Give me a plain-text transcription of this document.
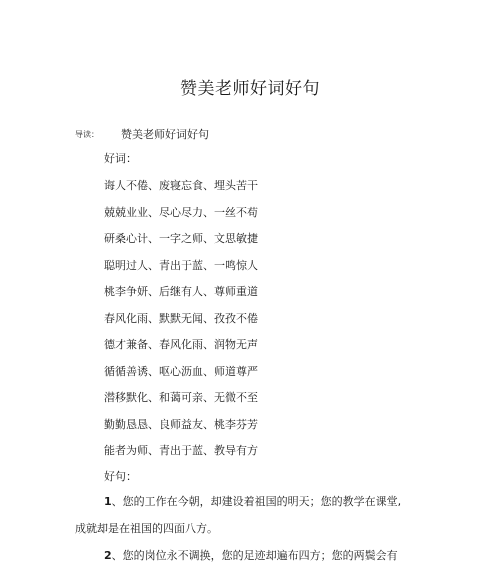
赞美老师好词好句
导读： 赞美老师好词好句
好词：
诲人不倦、废寝忘食、埋头苦干
兢兢业业、尽心尽力、一丝不苟
研桑心计、一字之师、文思敏捷
聪明过人、青出于蓝、一鸣惊人
桃李争妍、后继有人、尊师重道
春风化雨、默默无闻、孜孜不倦
德才兼备、春风化雨、润物无声
循循善诱、呕心沥血、师道尊严
潜移默化、和蔼可亲、无微不至
勤勤恳恳、良师益友、桃李芬芳
能者为师、青出于蓝、教导有方
好句：
1、您的工作在今朝，却建设着祖国的明天；您的教学在课堂,
成就却是在祖国的四面八方。
2、您的岗位永不调换，您的足迹却遍布四方；您的两鬓会有
